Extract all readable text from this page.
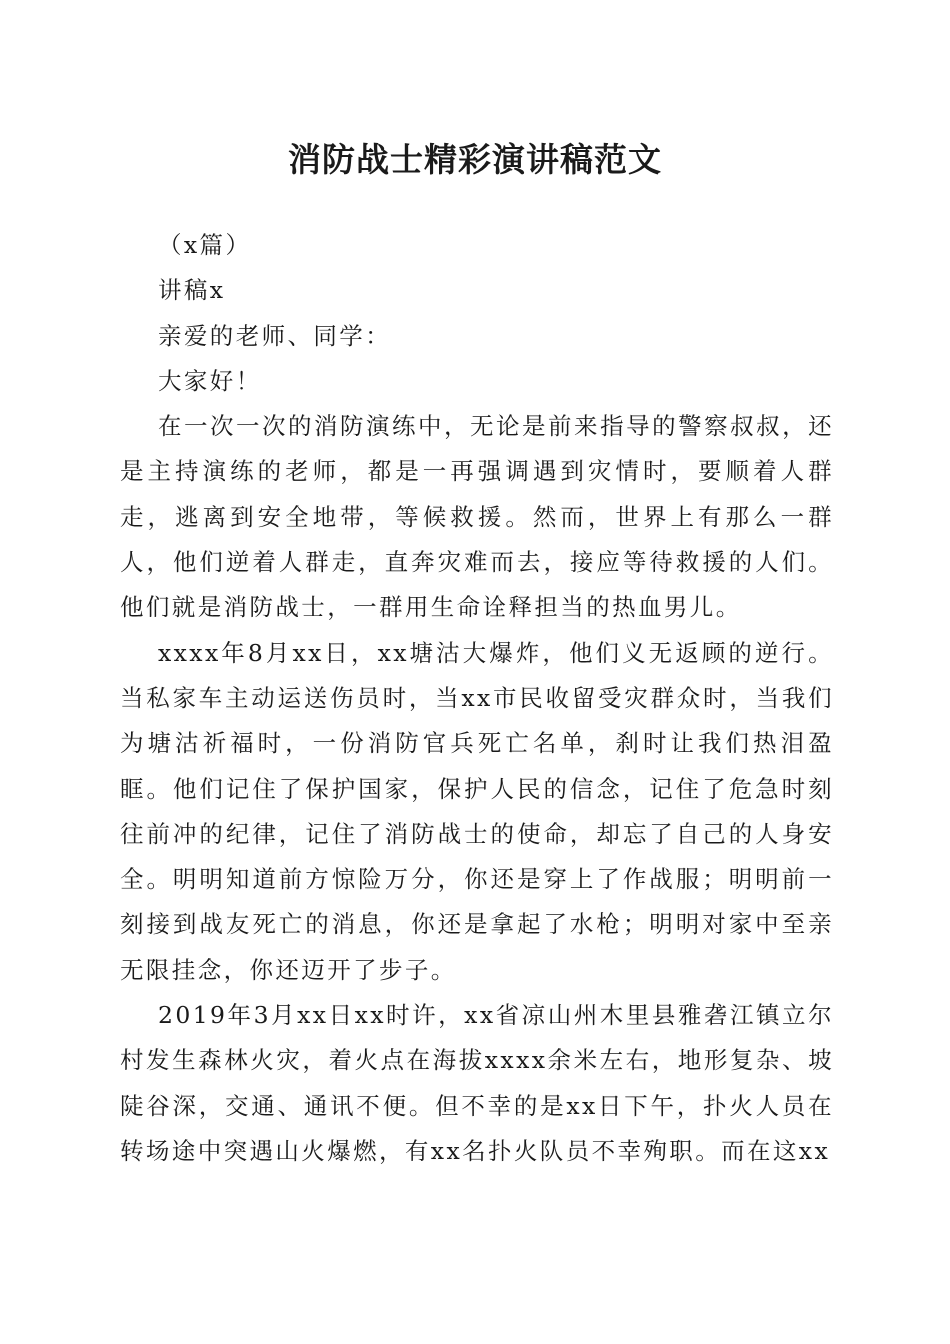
消防战士精彩演讲稿范文

（x篇）

讲稿x

亲爱的老师、同学：

大家好！

在一次一次的消防演练中，无论是前来指导的警察叔叔，还是主持演练的老师，都是一再强调遇到灾情时，要顺着人群走，逃离到安全地带，等候救援。然而，世界上有那么一群人，他们逆着人群走，直奔灾难而去，接应等待救援的人们。他们就是消防战士，一群用生命诠释担当的热血男儿。

xxxx年8月xx日，xx塘沽大爆炸，他们义无返顾的逆行。当私家车主动运送伤员时，当xx市民收留受灾群众时，当我们为塘沽祈福时，一份消防官兵死亡名单，刹时让我们热泪盈眶。他们记住了保护国家，保护人民的信念，记住了危急时刻往前冲的纪律，记住了消防战士的使命，却忘了自己的人身安全。明明知道前方惊险万分，你还是穿上了作战服；明明前一刻接到战友死亡的消息，你还是拿起了水枪；明明对家中至亲无限挂念，你还迈开了步子。

2019年3月xx日xx时许，xx省凉山州木里县雅砻江镇立尔村发生森林火灾，着火点在海拔xxxx余米左右，地形复杂、坡陡谷深，交通、通讯不便。但不幸的是xx日下午，扑火人员在转场途中突遇山火爆燃，有xx名扑火队员不幸殉职。而在这xx
